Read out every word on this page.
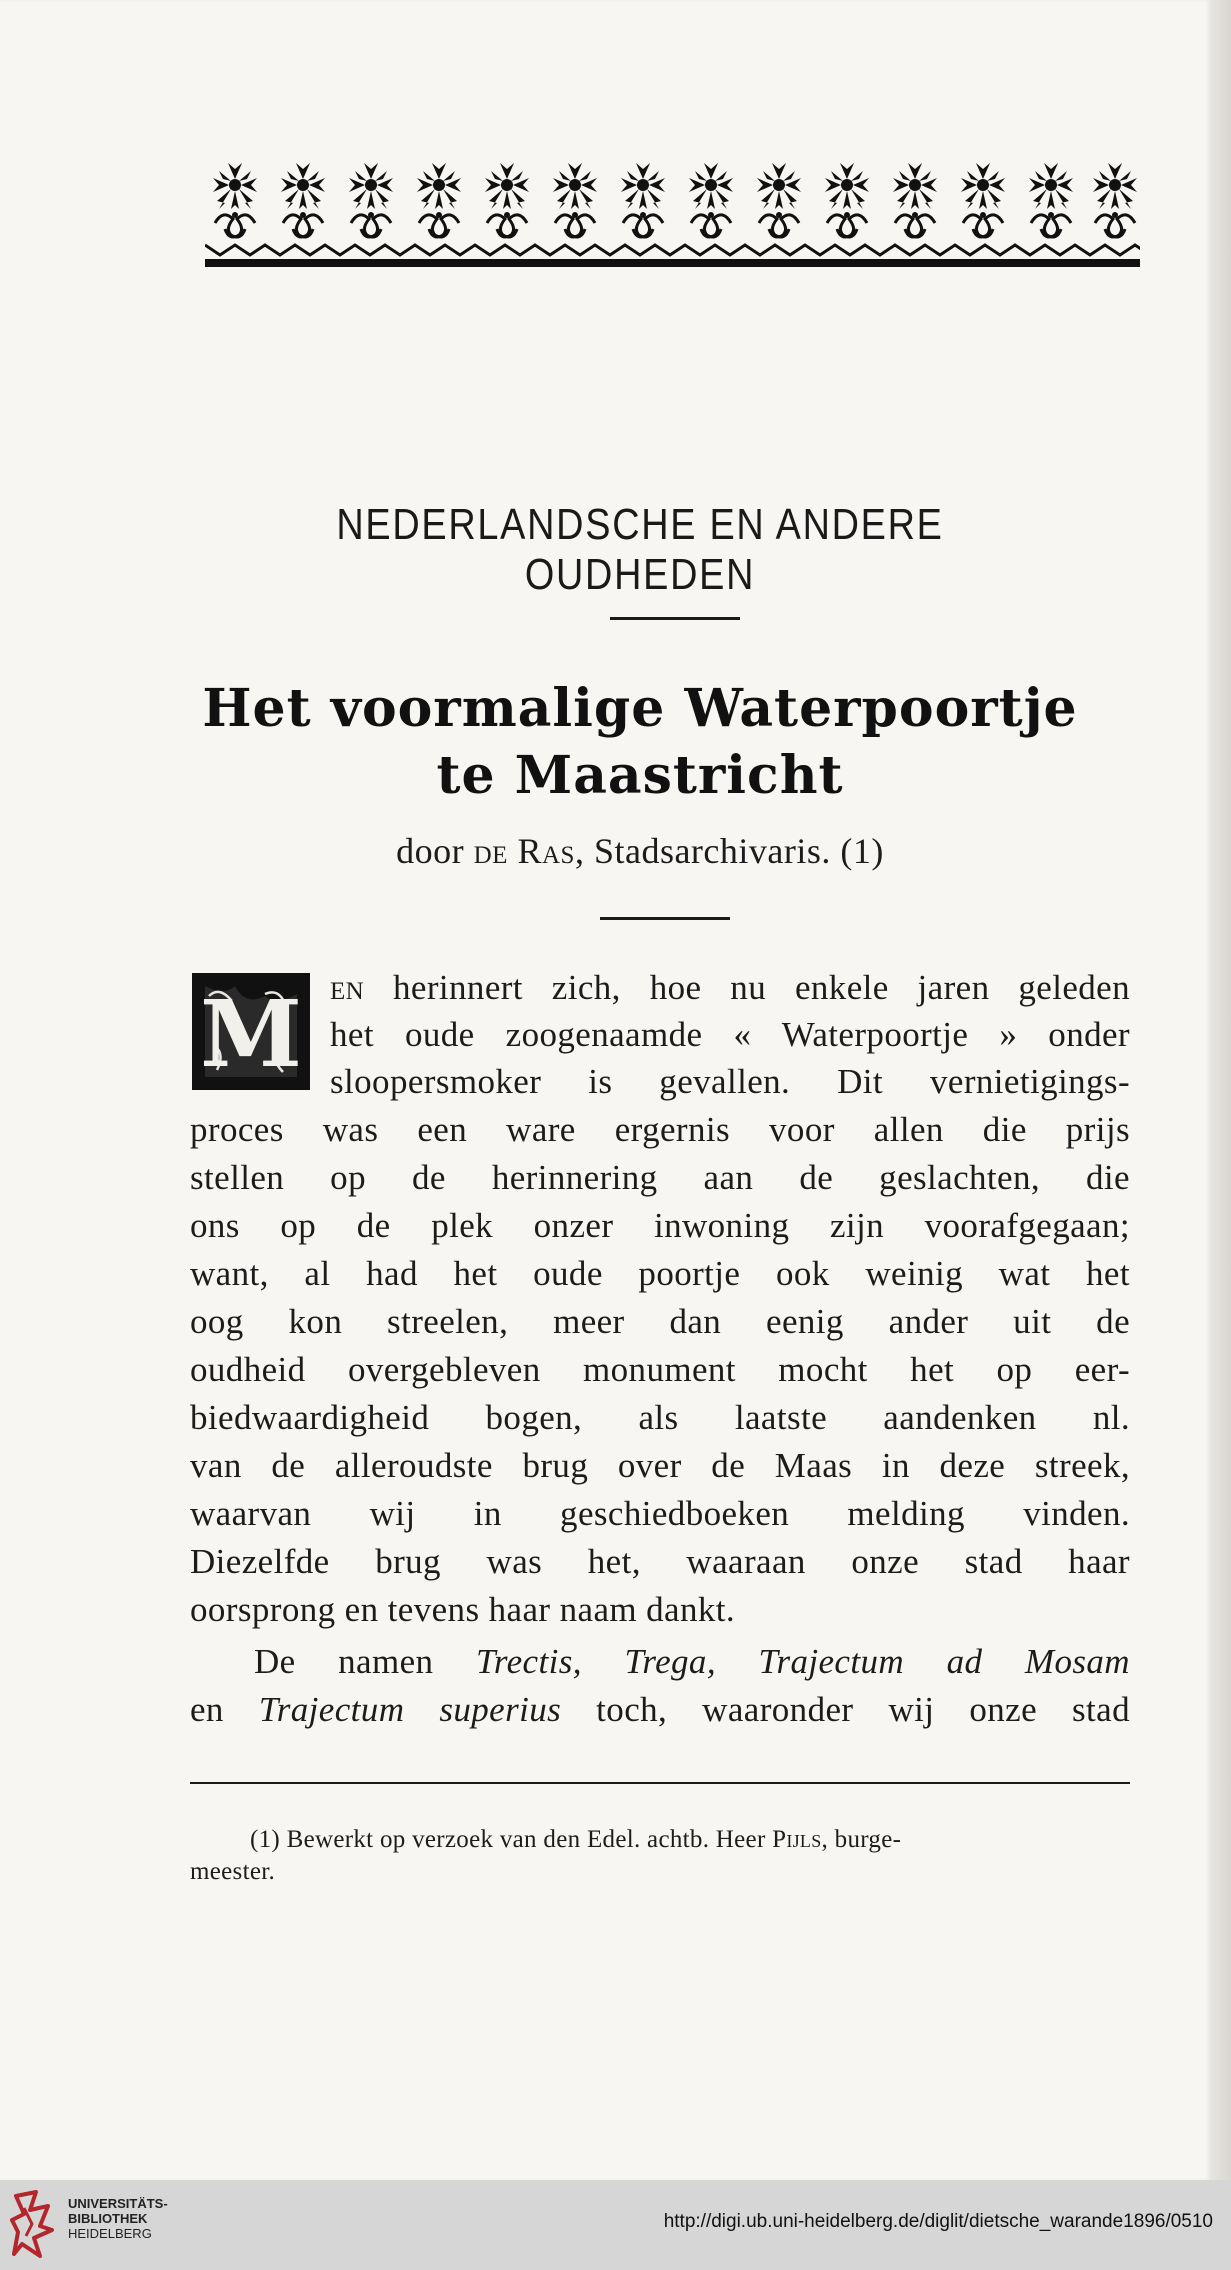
NEDERLANDSCHE EN ANDERE OUDHEDEN
Het voormalige Waterpoortje
te Maastricht
door de Ras, Stadsarchivaris. (1)
M en herinnert zich, hoe nu enkele jaren geleden
het oude zoogenaamde « Waterpoortje » onder
sloopersmoker is gevallen. Dit vernietigings-
proces was een ware ergernis voor allen die prijs
stellen op de herinnering aan de geslachten, die
ons op de plek onzer inwoning zijn voorafgegaan;
want, al had het oude poortje ook weinig wat het
oog kon streelen, meer dan eenig ander uit de
oudheid overgebleven monument mocht het op eer-
biedwaardigheid bogen, als laatste aandenken nl.
van de alleroudste brug over de Maas in deze streek,
waarvan wij in geschiedboeken melding vinden.
Diezelfde brug was het, waaraan onze stad haar
oorsprong en tevens haar naam dankt.
De namen Trectis, Trega, Trajectum ad Mosam
en Trajectum superius toch, waaronder wij onze stad
(1) Bewerkt op verzoek van den Edel. achtb. Heer Pijls, burge-
meester.
UNIVERSITÄTS-
BIBLIOTHEK
HEIDELBERG
http://digi.ub.uni-heidelberg.de/diglit/dietsche_warande1896/0510
